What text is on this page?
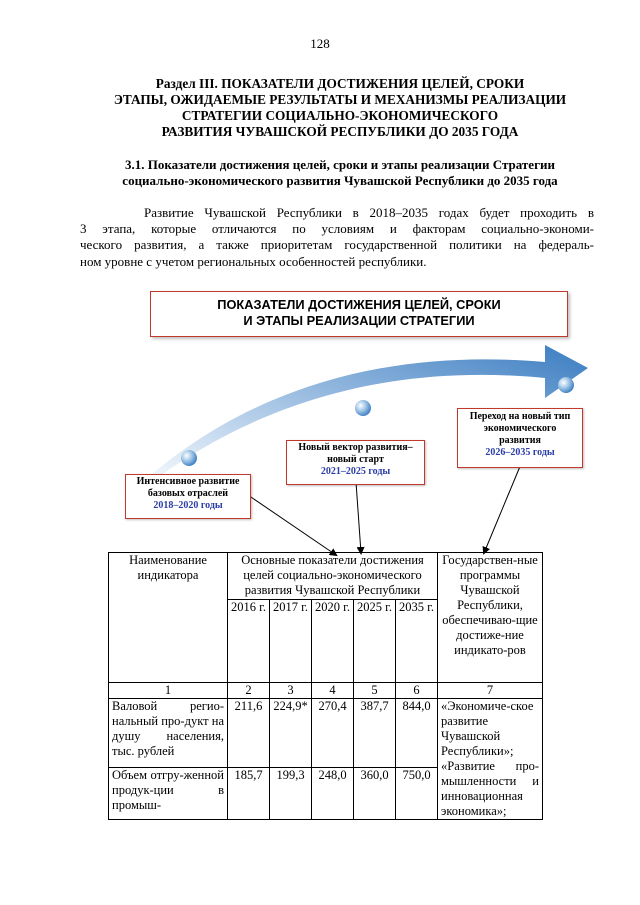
128
Раздел III. ПОКАЗАТЕЛИ ДОСТИЖЕНИЯ ЦЕЛЕЙ, СРОКИ
ЭТАПЫ, ОЖИДАЕМЫЕ РЕЗУЛЬТАТЫ И МЕХАНИЗМЫ РЕАЛИЗАЦИИ
СТРАТЕГИИ СОЦИАЛЬНО-ЭКОНОМИЧЕСКОГО
РАЗВИТИЯ ЧУВАШСКОЙ РЕСПУБЛИКИ ДО 2035 ГОДА
3.1. Показатели достижения целей, сроки и этапы реализации Стратегии
социально-экономического развития Чувашской Республики до 2035 года
Развитие Чувашской Республики в 2018–2035 годах будет проходить в
3 этапа, которые отличаются по условиям и факторам социально-экономи-
ческого развития, а также приоритетам государственной политики на федераль-
ном уровне с учетом региональных особенностей республики.
ПОКАЗАТЕЛИ ДОСТИЖЕНИЯ ЦЕЛЕЙ, СРОКИ
И ЭТАПЫ РЕАЛИЗАЦИИ СТРАТЕГИИ
Интенсивное развитие
базовых отраслей
2018–2020 годы
Новый вектор развития–
новый старт
2021–2025 годы
Переход на новый тип
экономического
развития
2026–2035 годы
Наименование индикатора	Основные показатели достижения целей социально-экономического развития Чувашской Республики					Государствен-ные программы Чувашской Республики, обеспечиваю-щие достиже-ние индикато-ров
	2016 г.	2017 г.	2020 г.	2025 г.	2035 г.	
1	2	3	4	5	6	7
Валовой регио-нальный про-дукт на душу населения, тыс. рублей	211,6	224,9*	270,4	387,7	844,0	«Экономиче-ское развитие Чувашской Республики»; «Развитие про-мышленности и инновационная экономика»;
Объем отгру-женной продук-ции в промыш-	185,7	199,3	248,0	360,0	750,0	
